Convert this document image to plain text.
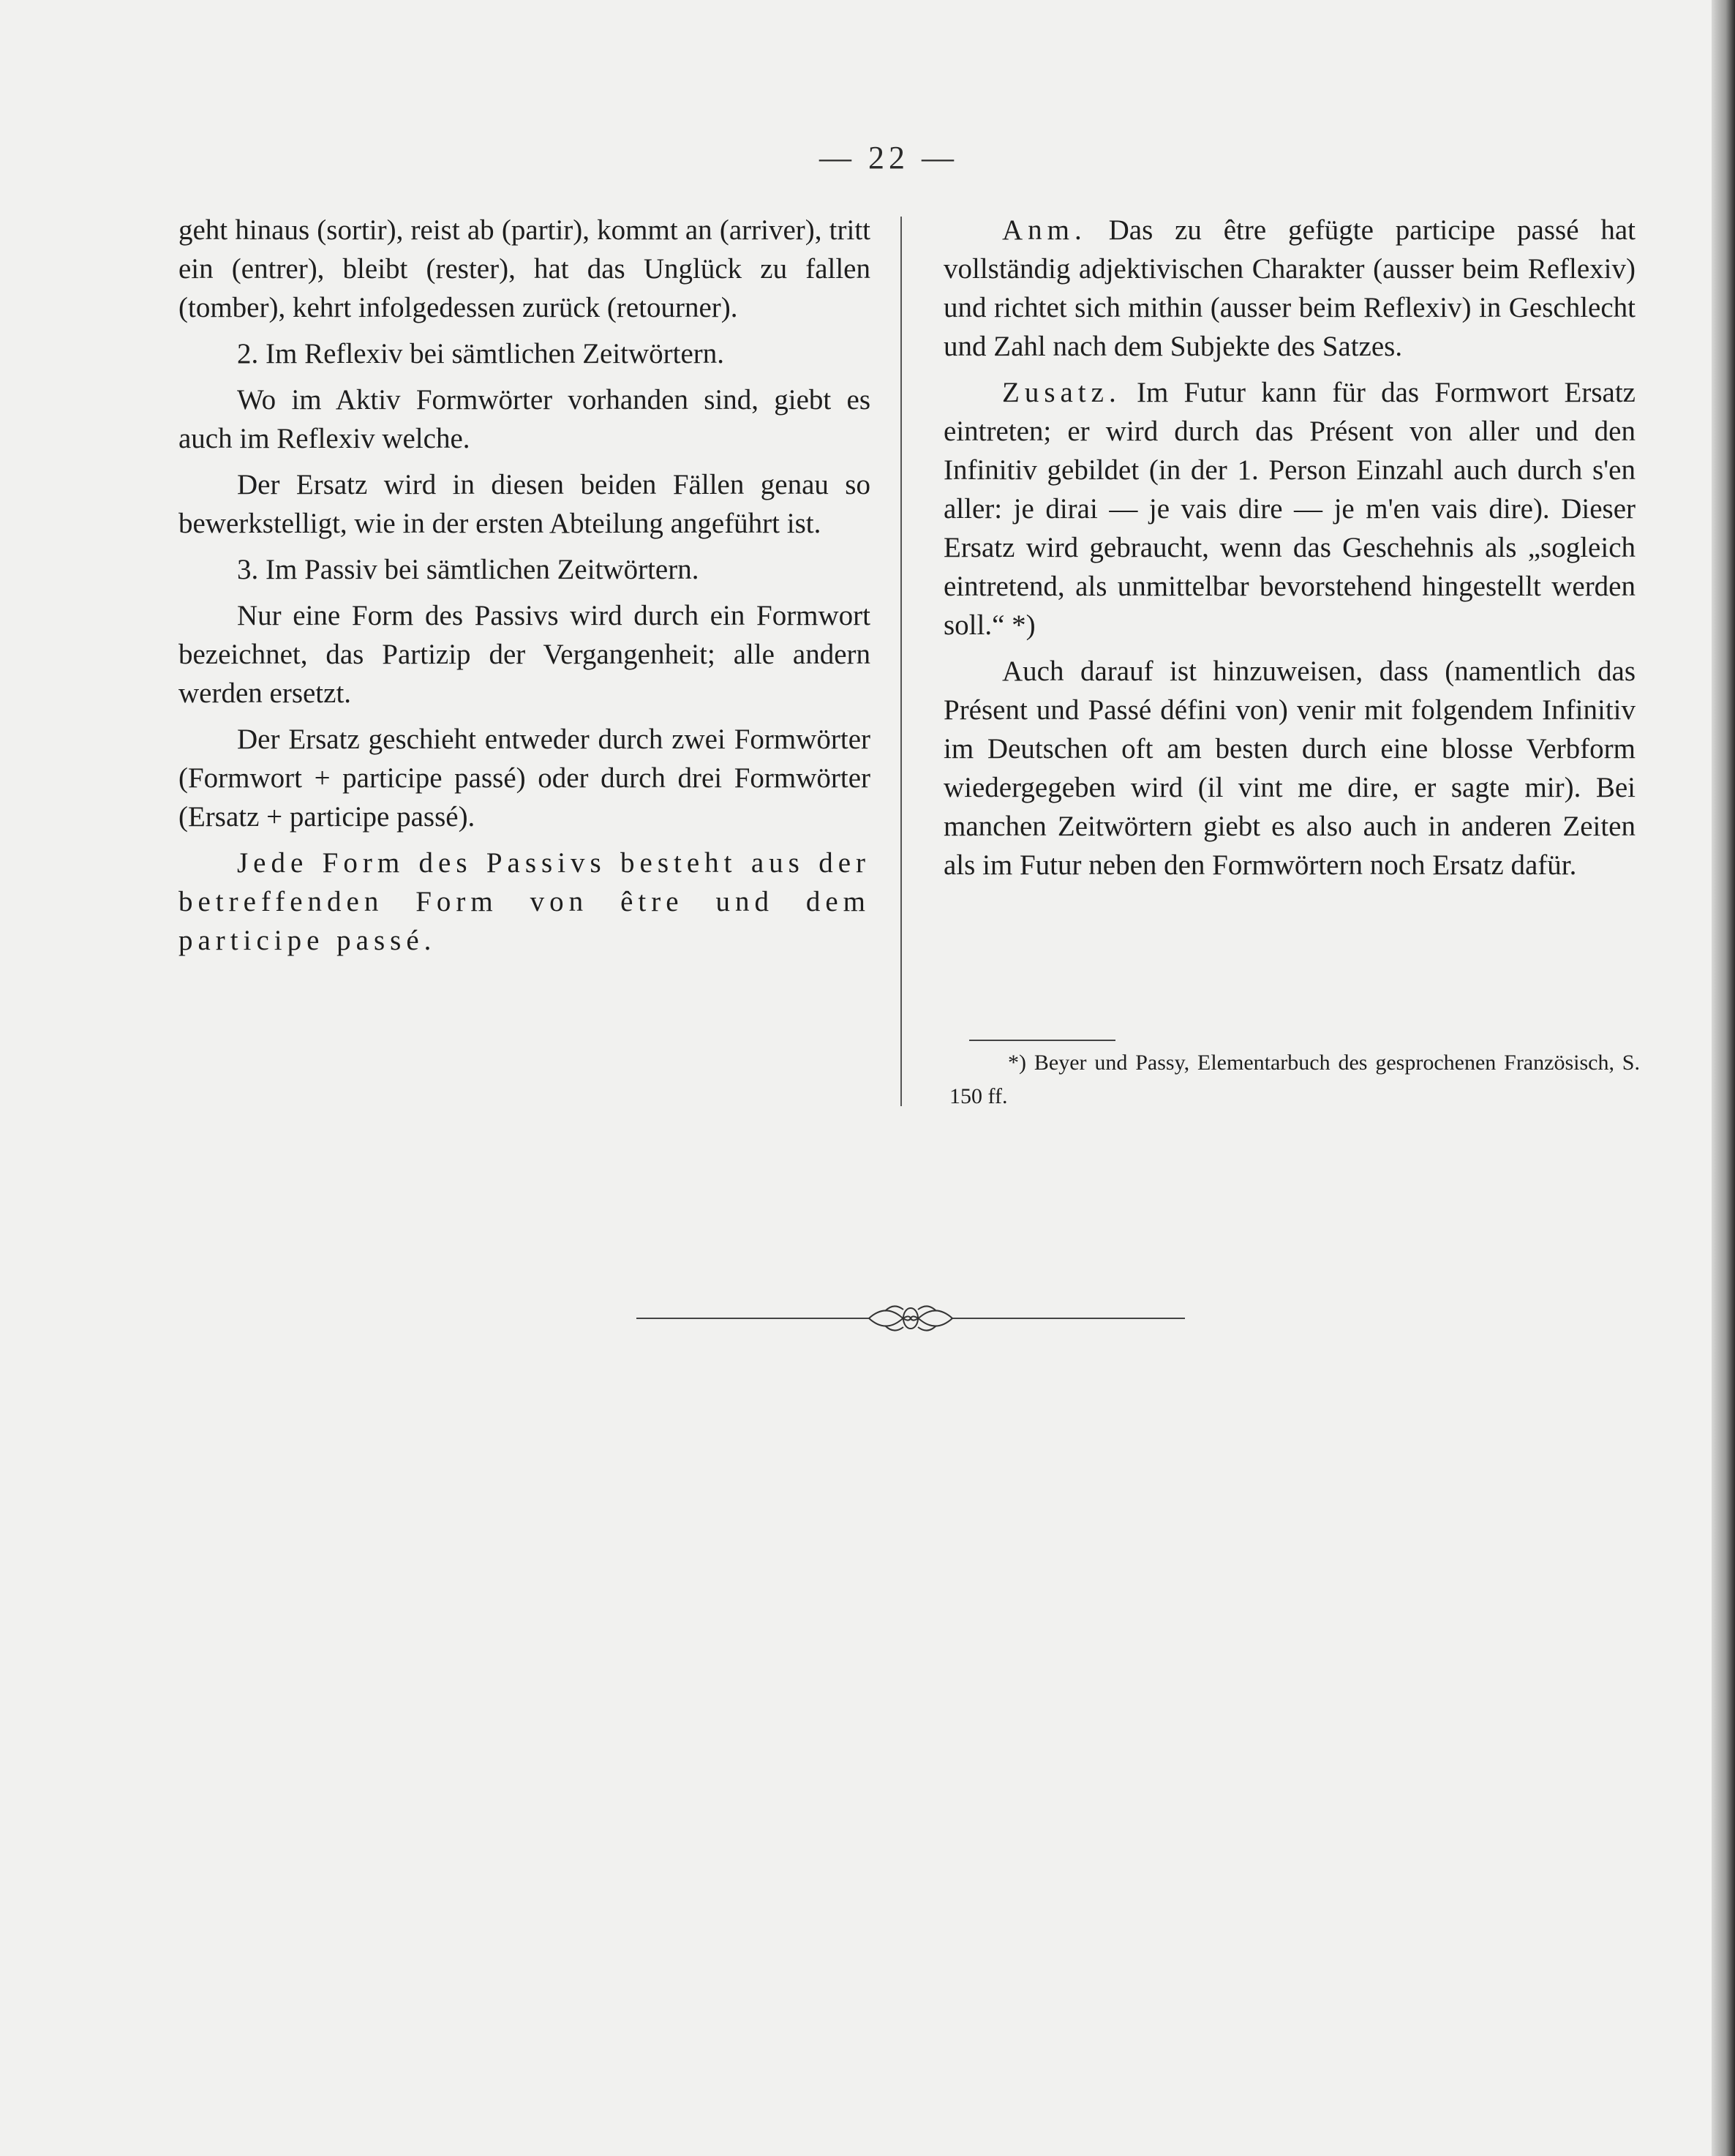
— 22 —

geht hinaus (sortir), reist ab (partir), kommt an (arriver), tritt ein (entrer), bleibt (rester), hat das Unglück zu fallen (tomber), kehrt infolgedessen zurück (retourner).

2. Im Reflexiv bei sämtlichen Zeitwörtern.

Wo im Aktiv Formwörter vorhanden sind, giebt es auch im Reflexiv welche.

Der Ersatz wird in diesen beiden Fällen genau so bewerkstelligt, wie in der ersten Abteilung angeführt ist.

3. Im Passiv bei sämtlichen Zeitwörtern.

Nur eine Form des Passivs wird durch ein Formwort bezeichnet, das Partizip der Vergangenheit; alle andern werden ersetzt.

Der Ersatz geschieht entweder durch zwei Formwörter (Formwort + participe passé) oder durch drei Formwörter (Ersatz + participe passé).

Jede Form des Passivs besteht aus der betreffenden Form von être und dem participe passé.

Anm. Das zu être gefügte participe passé hat vollständig adjektivischen Charakter (ausser beim Reflexiv) und richtet sich mithin (ausser beim Reflexiv) in Geschlecht und Zahl nach dem Subjekte des Satzes.

Zusatz. Im Futur kann für das Formwort Ersatz eintreten; er wird durch das Présent von aller und den Infinitiv gebildet (in der 1. Person Einzahl auch durch s'en aller: je dirai — je vais dire — je m'en vais dire). Dieser Ersatz wird gebraucht, wenn das Geschehnis als „sogleich eintretend, als unmittelbar bevorstehend hingestellt werden soll.“ *)

Auch darauf ist hinzuweisen, dass (namentlich das Présent und Passé défini von) venir mit folgendem Infinitiv im Deutschen oft am besten durch eine blosse Verbform wiedergegeben wird (il vint me dire, er sagte mir). Bei manchen Zeitwörtern giebt es also auch in anderen Zeiten als im Futur neben den Formwörtern noch Ersatz dafür.

*) Beyer und Passy, Elementarbuch des gesprochenen Französisch, S. 150 ff.
